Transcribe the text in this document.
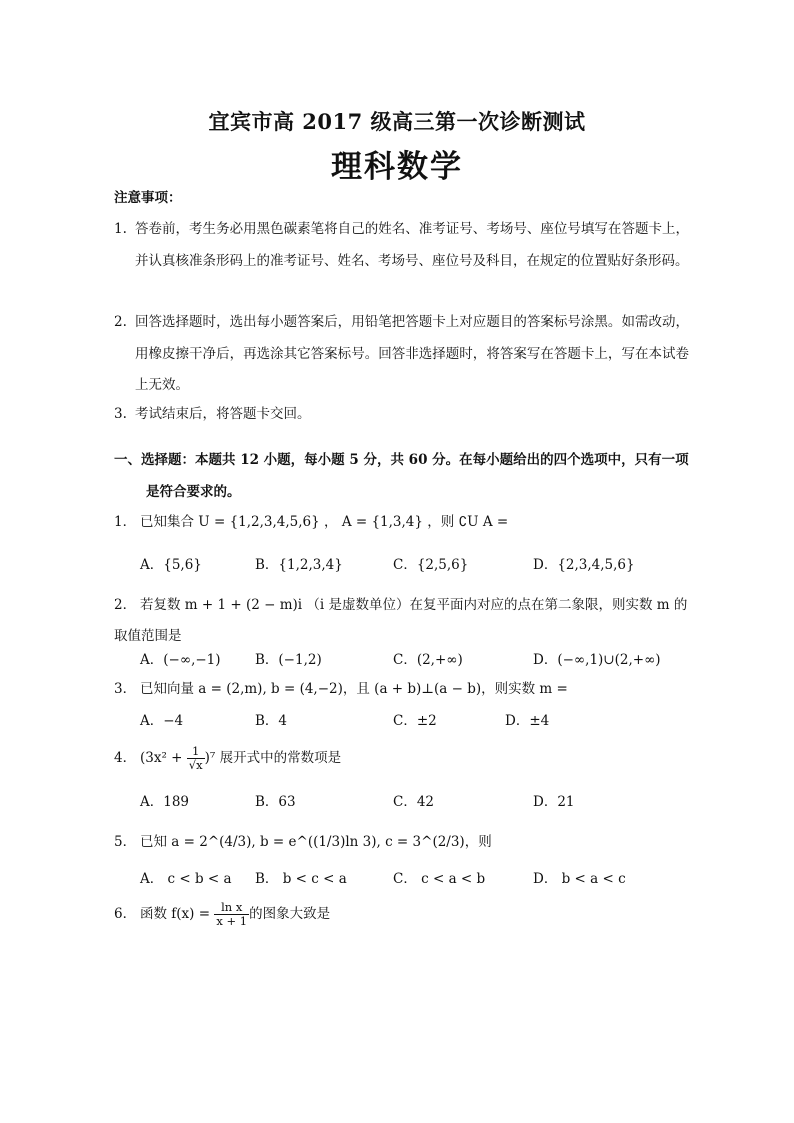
宜宾市高 2017 级高三第一次诊断测试
理科数学
注意事项：
1. 答卷前，考生务必用黑色碳素笔将自己的姓名、准考证号、考场号、座位号填写在答题卡上，并认真核准条形码上的准考证号、姓名、考场号、座位号及科目，在规定的位置贴好条形码。
2. 回答选择题时，选出每小题答案后，用铅笔把答题卡上对应题目的答案标号涂黑。如需改动，用橡皮擦干净后，再选涂其它答案标号。回答非选择题时，将答案写在答题卡上，写在本试卷上无效。
3. 考试结束后，将答题卡交回。
一、选择题：本题共 12 小题，每小题 5 分，共 60 分。在每小题给出的四个选项中，只有一项是符合要求的。
1． 已知集合 U = {1,2,3,4,5,6} ， A = {1,3,4} ，则 ∁U A =
A．{5,6}	B．{1,2,3,4}	C．{2,5,6}	D．{2,3,4,5,6}
2． 若复数 m + 1 + (2 − m)i （i 是虚数单位）在复平面内对应的点在第二象限，则实数 m 的取值范围是
A．(−∞,−1)	B．(−1,2)	C．(2,+∞)	D．(−∞,1)∪(2,+∞)
3． 已知向量 a = (2,m), b = (4,−2)，且 (a + b)⊥(a − b)，则实数 m =
A．−4	B．4	C．±2	D．±4
4． $(3x^2 + \frac{1}{√x} )^7$ 展开式中的常数项是
A．189	B．63	C．42	D．21
5． 已知 a = 2^(4/3), b = e^((1/3)ln 3), c = 3^(2/3)，则
A． c < b < a B． b < c < a	C． c < a < b	D． b < a < c
6． 函数 $f(x) = \frac{\text{ln x}}{x + 1}$ 的图象大致是
